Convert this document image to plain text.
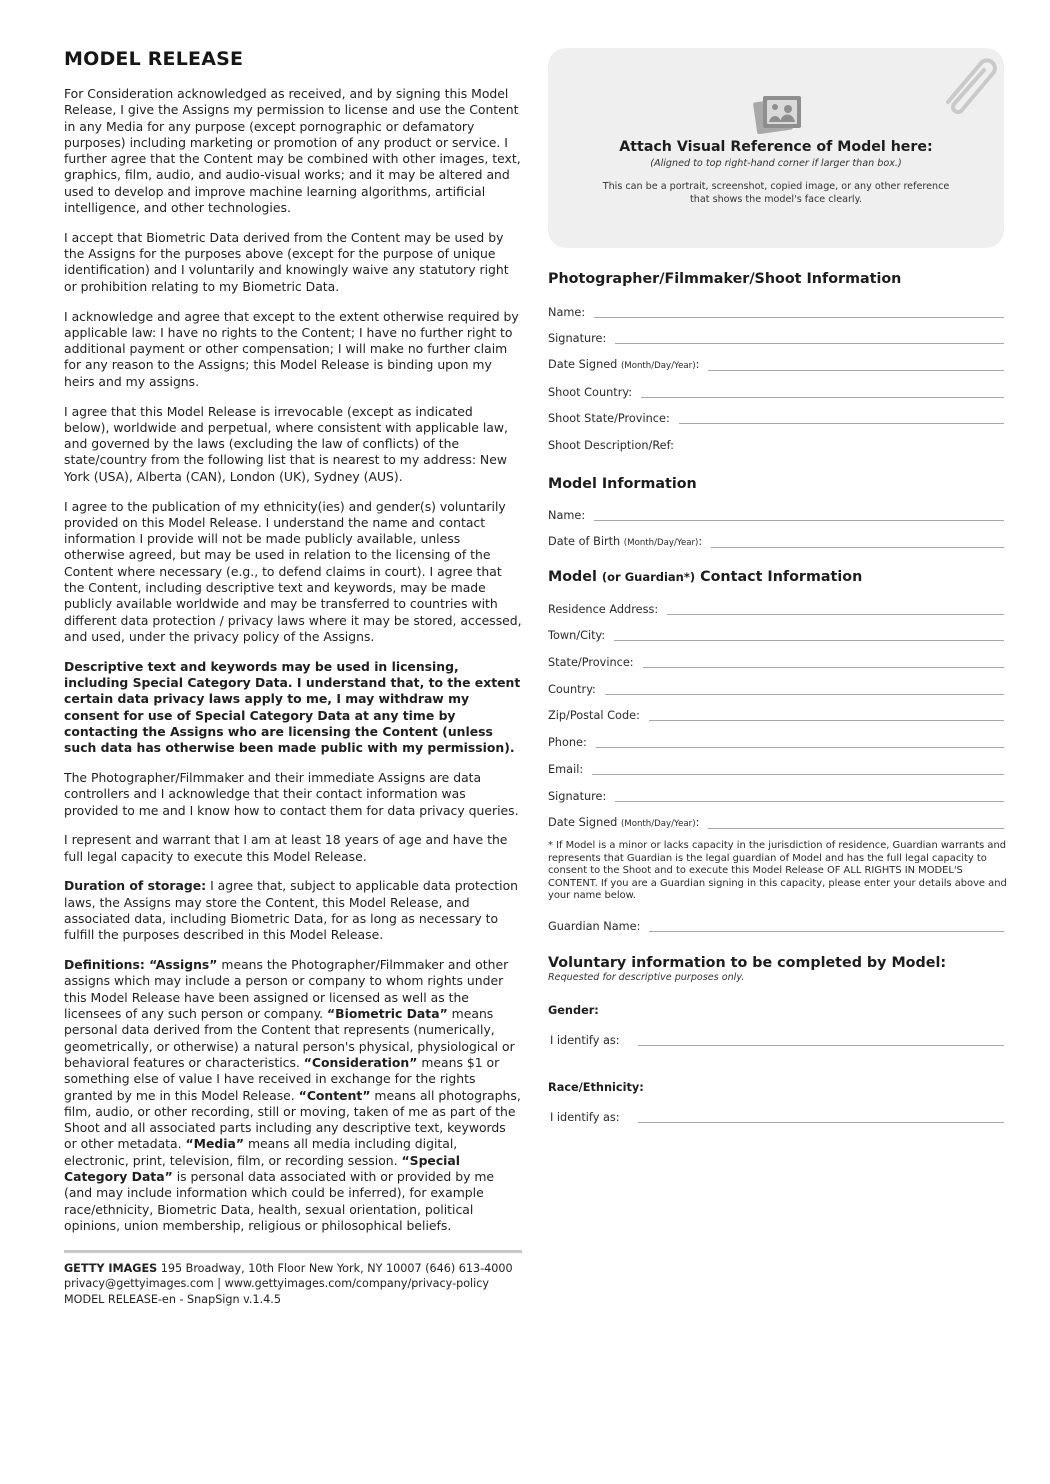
MODEL RELEASE

For Consideration acknowledged as received, and by signing this Model Release, I give the Assigns my permission to license and use the Content in any Media for any purpose (except pornographic or defamatory purposes) including marketing or promotion of any product or service. I further agree that the Content may be combined with other images, text, graphics, film, audio, and audio-visual works; and it may be altered and used to develop and improve machine learning algorithms, artificial intelligence, and other technologies.

I accept that Biometric Data derived from the Content may be used by the Assigns for the purposes above (except for the purpose of unique identification) and I voluntarily and knowingly waive any statutory right or prohibition relating to my Biometric Data.

I acknowledge and agree that except to the extent otherwise required by applicable law: I have no rights to the Content; I have no further right to additional payment or other compensation; I will make no further claim for any reason to the Assigns; this Model Release is binding upon my heirs and my assigns.

I agree that this Model Release is irrevocable (except as indicated below), worldwide and perpetual, where consistent with applicable law, and governed by the laws (excluding the law of conflicts) of the state/country from the following list that is nearest to my address: New York (USA), Alberta (CAN), London (UK), Sydney (AUS).

I agree to the publication of my ethnicity(ies) and gender(s) voluntarily provided on this Model Release. I understand the name and contact information I provide will not be made publicly available, unless otherwise agreed, but may be used in relation to the licensing of the Content where necessary (e.g., to defend claims in court). I agree that the Content, including descriptive text and keywords, may be made publicly available worldwide and may be transferred to countries with different data protection / privacy laws where it may be stored, accessed, and used, under the privacy policy of the Assigns.

Descriptive text and keywords may be used in licensing, including Special Category Data. I understand that, to the extent certain data privacy laws apply to me, I may withdraw my consent for use of Special Category Data at any time by contacting the Assigns who are licensing the Content (unless such data has otherwise been made public with my permission).

The Photographer/Filmmaker and their immediate Assigns are data controllers and I acknowledge that their contact information was provided to me and I know how to contact them for data privacy queries.

I represent and warrant that I am at least 18 years of age and have the full legal capacity to execute this Model Release.

Duration of storage: I agree that, subject to applicable data protection laws, the Assigns may store the Content, this Model Release, and associated data, including Biometric Data, for as long as necessary to fulfill the purposes described in this Model Release.

Definitions: “Assigns” means the Photographer/Filmmaker and other assigns which may include a person or company to whom rights under this Model Release have been assigned or licensed as well as the licensees of any such person or company. “Biometric Data” means personal data derived from the Content that represents (numerically, geometrically, or otherwise) a natural person's physical, physiological or behavioral features or characteristics. “Consideration” means $1 or something else of value I have received in exchange for the rights granted by me in this Model Release. “Content” means all photographs, film, audio, or other recording, still or moving, taken of me as part of the Shoot and all associated parts including any descriptive text, keywords or other metadata. “Media” means all media including digital, electronic, print, television, film, or recording session. “Special Category Data” is personal data associated with or provided by me (and may include information which could be inferred), for example race/ethnicity, Biometric Data, health, sexual orientation, political opinions, union membership, religious or philosophical beliefs.

GETTY IMAGES 195 Broadway, 10th Floor New York, NY 10007 (646) 613-4000
privacy@gettyimages.com | www.gettyimages.com/company/privacy-policy
MODEL RELEASE-en - SnapSign v.1.4.5
Attach Visual Reference of Model here:
(Aligned to top right-hand corner if larger than box.)
This can be a portrait, screenshot, copied image, or any other reference that shows the model's face clearly.
Photographer/Filmmaker/Shoot Information
Name:
Signature:
Date Signed (Month/Day/Year):
Shoot Country:
Shoot State/Province:
Shoot Description/Ref:
Model Information
Name:
Date of Birth (Month/Day/Year):
Model (or Guardian*) Contact Information
Residence Address:
Town/City:
State/Province:
Country:
Zip/Postal Code:
Phone:
Email:
Signature:
Date Signed (Month/Day/Year):
* If Model is a minor or lacks capacity in the jurisdiction of residence, Guardian warrants and represents that Guardian is the legal guardian of Model and has the full legal capacity to consent to the Shoot and to execute this Model Release OF ALL RIGHTS IN MODEL'S CONTENT. If you are a Guardian signing in this capacity, please enter your details above and your name below.
Guardian Name:
Voluntary information to be completed by Model:
Requested for descriptive purposes only.
Gender:
I identify as:
Race/Ethnicity:
I identify as:
